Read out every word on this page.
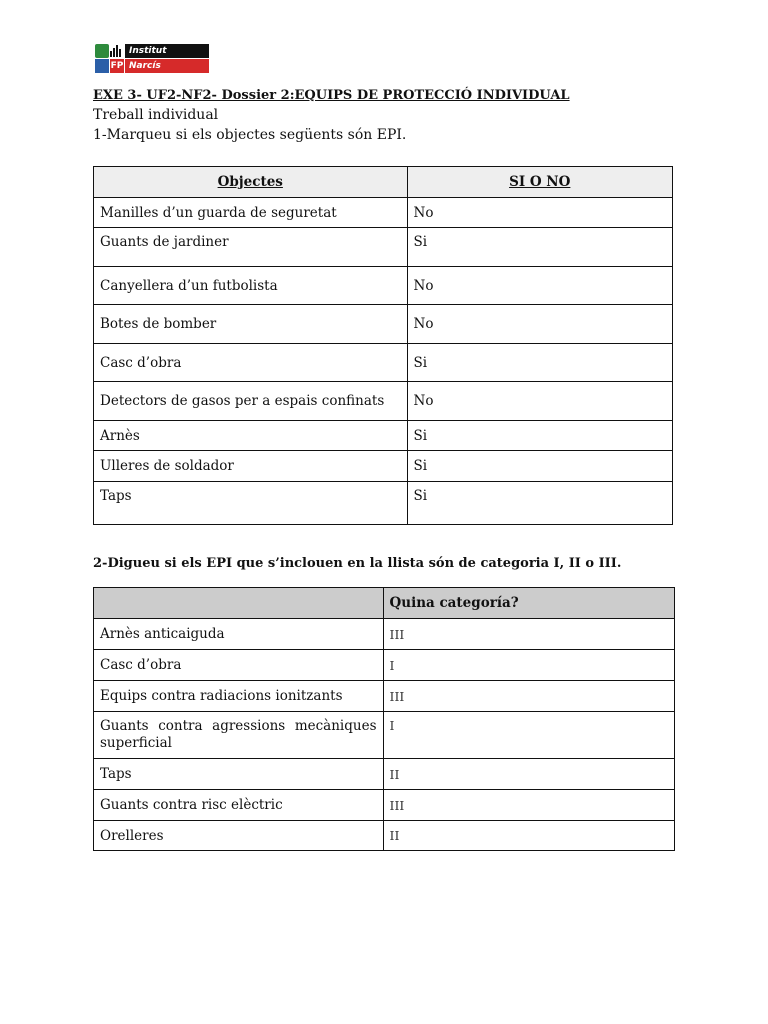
Institut
FP Narcís Monturiol
EXE 3- UF2-NF2- Dossier 2:EQUIPS DE PROTECCIÓ INDIVIDUAL
Treball individual
1-Marqueu si els objectes següents són EPI.
Objectes	SI O NO
Manilles d’un guarda de seguretat	No
Guants de jardiner	Si
Canyellera d’un futbolista	No
Botes de bomber	No
Casc d’obra	Si
Detectors de gasos per a espais confinats	No
Arnès	Si
Ulleres de soldador	Si
Taps	Si
2-Digueu si els EPI que s’inclouen en la llista són de categoria I, II o III.
	Quina categoría?
Arnès anticaiguda	III
Casc d’obra	I
Equips contra radiacions ionitzants	III
Guants contra agressions mecàniques superficial	I
Taps	II
Guants contra risc elèctric	III
Orelleres	II
